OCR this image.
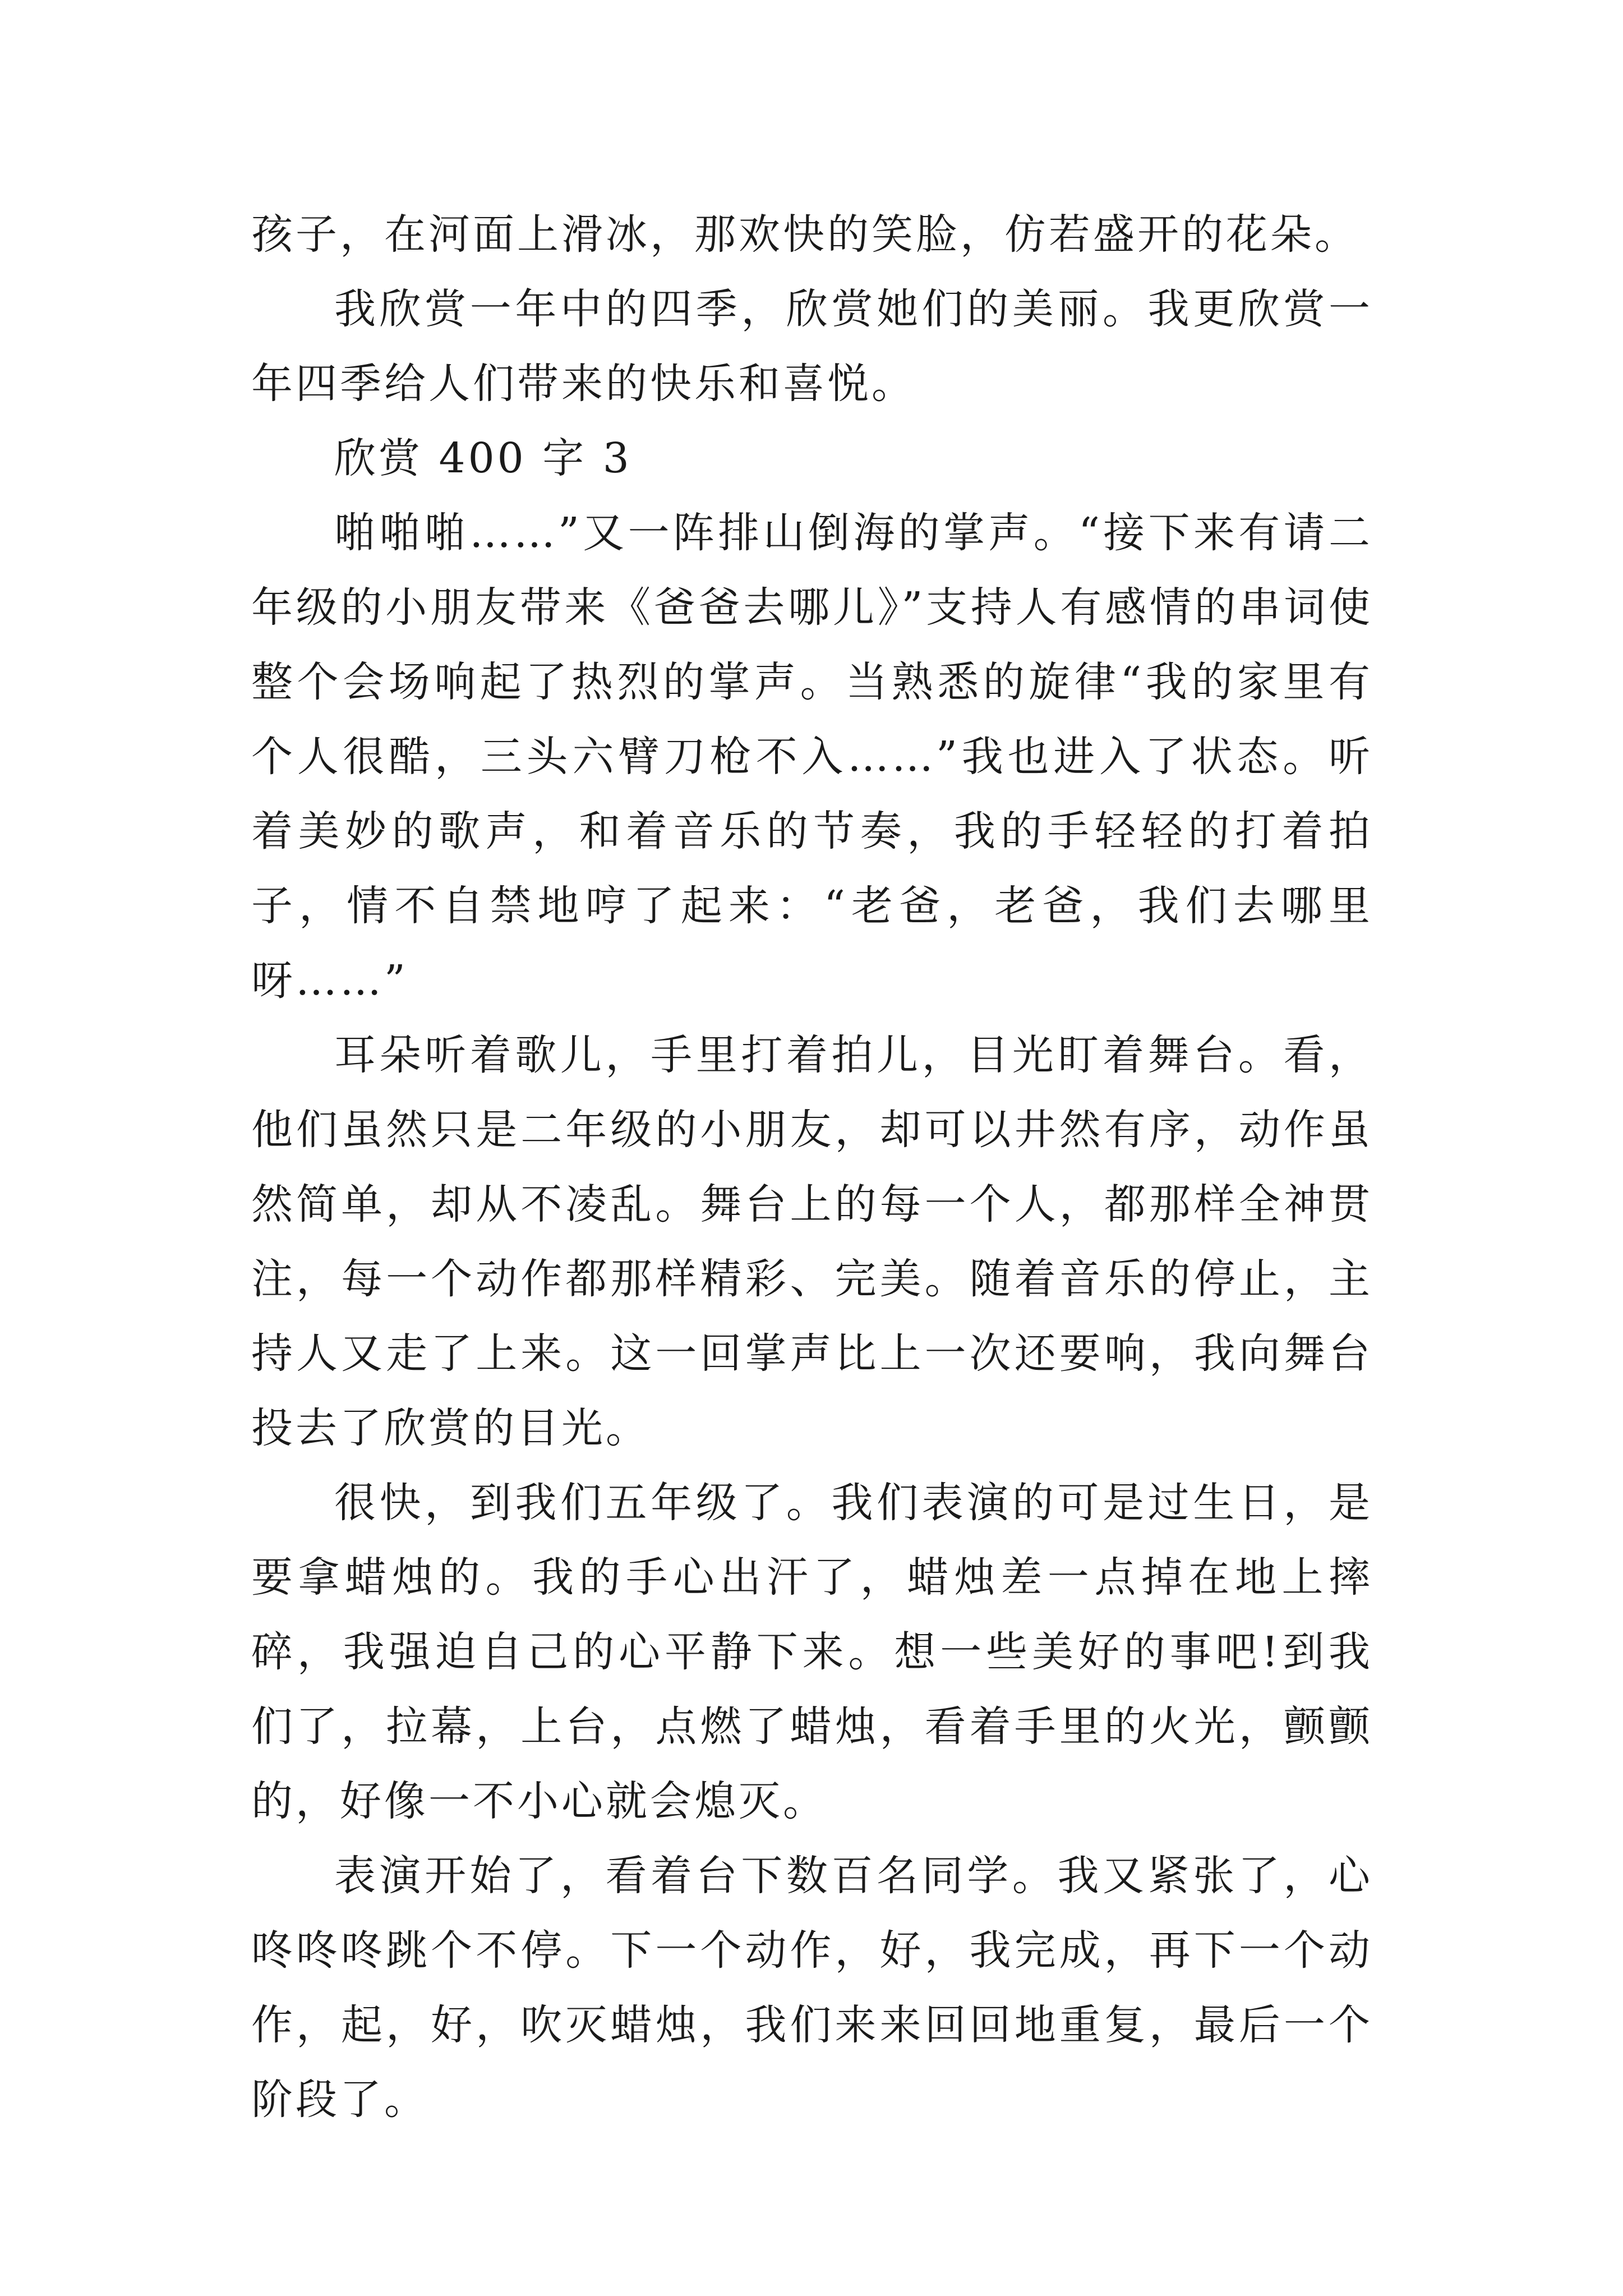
孩子，在河面上滑冰，那欢快的笑脸，仿若盛开的花朵。

我欣赏一年中的四季，欣赏她们的美丽。我更欣赏一年四季给人们带来的快乐和喜悦。

欣赏 400 字 3

啪啪啪……”又一阵排山倒海的掌声。“接下来有请二年级的小朋友带来《爸爸去哪儿》”支持人有感情的串词使整个会场响起了热烈的掌声。当熟悉的旋律“我的家里有个人很酷，三头六臂刀枪不入……”我也进入了状态。听着美妙的歌声，和着音乐的节奏，我的手轻轻的打着拍子，情不自禁地哼了起来：“老爸，老爸，我们去哪里呀……”

耳朵听着歌儿，手里打着拍儿，目光盯着舞台。看，他们虽然只是二年级的小朋友，却可以井然有序，动作虽然简单，却从不凌乱。舞台上的每一个人，都那样全神贯注，每一个动作都那样精彩、完美。随着音乐的停止，主持人又走了上来。这一回掌声比上一次还要响，我向舞台投去了欣赏的目光。

很快，到我们五年级了。我们表演的可是过生日，是要拿蜡烛的。我的手心出汗了，蜡烛差一点掉在地上摔碎，我强迫自己的心平静下来。想一些美好的事吧!到我们了，拉幕，上台，点燃了蜡烛，看着手里的火光，颤颤的，好像一不小心就会熄灭。

表演开始了，看着台下数百名同学。我又紧张了，心咚咚咚跳个不停。下一个动作，好，我完成，再下一个动作，起，好，吹灭蜡烛，我们来来回回地重复，最后一个阶段了。
